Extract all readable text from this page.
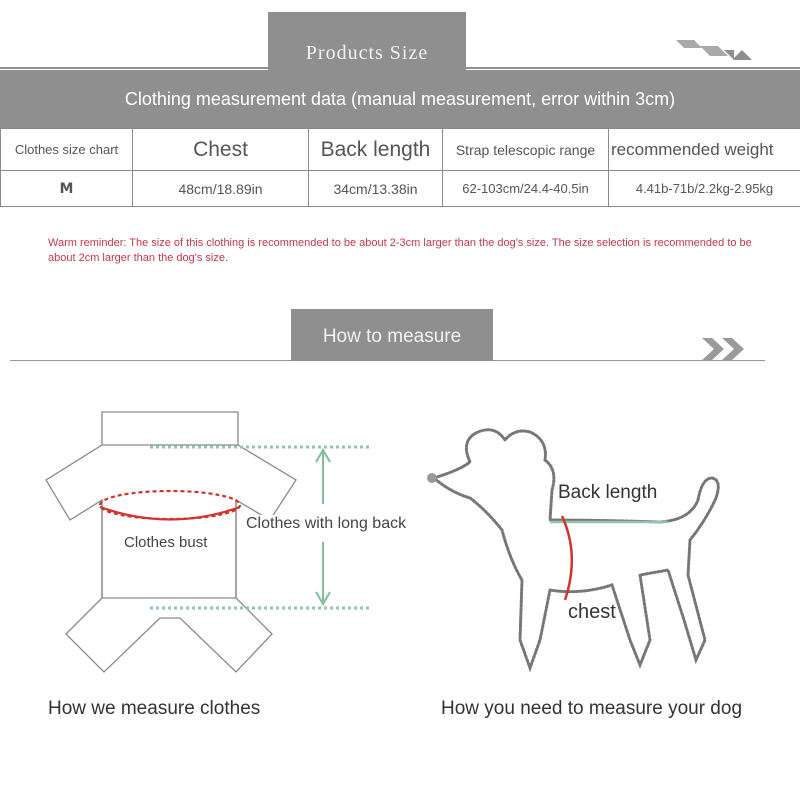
Products Size
Clothing measurement data (manual measurement, error within 3cm)
Clothes size chart	Chest	Back length	Strap telescopic range	recommended weight
M	48cm/18.89in	34cm/13.38in	62-103cm/24.4-40.5in	4.41b-71b/2.2kg-2.95kg
Warm reminder: The size of this clothing is recommended to be about 2-3cm larger than the dog's size. The size selection is recommended to be about 2cm larger than the dog's size.
How to measure
Clothes bust
Clothes with long back
Back length
chest
How we measure clothes	How you need to measure your dog
